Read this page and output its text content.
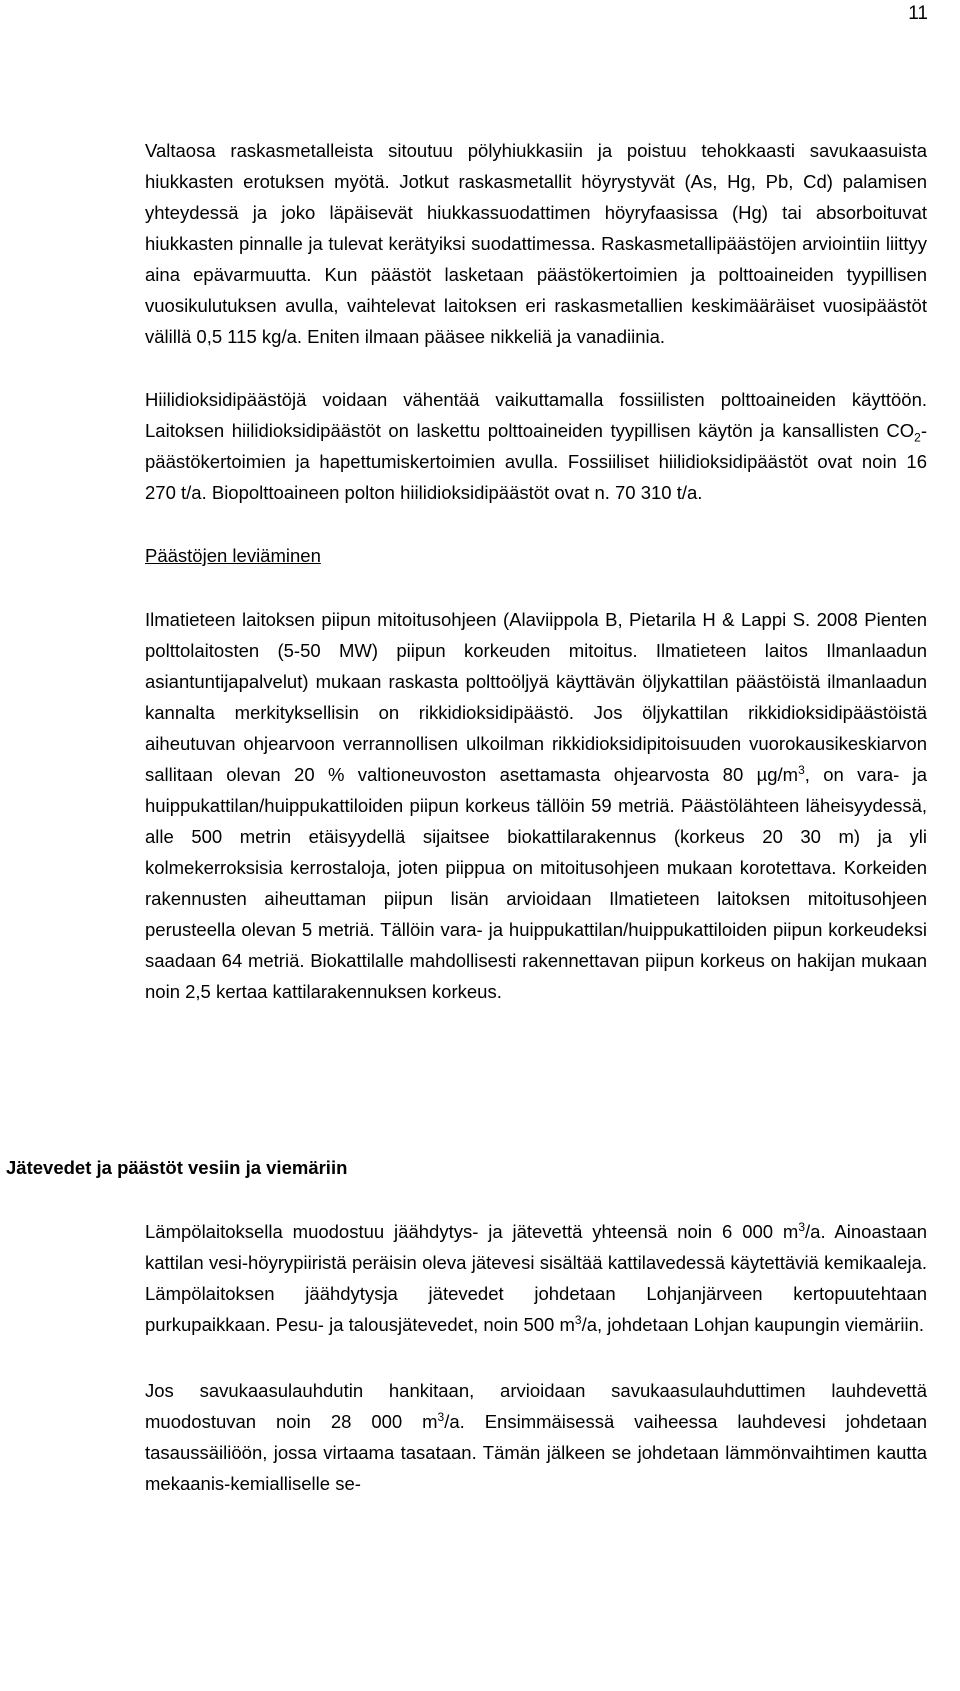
11

Valtaosa raskasmetalleista sitoutuu pölyhiukkasiin ja poistuu tehokkaasti savukaasuista hiukkasten erotuksen myötä. Jotkut raskasmetallit höyrystyvät (As, Hg, Pb, Cd) palamisen yhteydessä ja joko läpäisevät hiukkassuodattimen höyryfaasissa (Hg) tai absorboituvat hiukkasten pinnalle ja tulevat kerätyiksi suodattimessa. Raskasmetallipäästöjen arviointiin liittyy aina epävarmuutta. Kun päästöt lasketaan päästökertoimien ja polttoaineiden tyypillisen vuosikulutuksen avulla, vaihtelevat laitoksen eri raskasmetallien keskimääräiset vuosipäästöt välillä 0,5 115 kg/a. Eniten ilmaan pääsee nikkeliä ja vanadiinia.

Hiilidioksidipäästöjä voidaan vähentää vaikuttamalla fossiilisten polttoaineiden käyttöön. Laitoksen hiilidioksidipäästöt on laskettu polttoaineiden tyypillisen käytön ja kansallisten $CO_2$-päästökertoimien ja hapettumiskertoimien avulla. Fossiiliset hiilidioksidipäästöt ovat noin 16 270 t/a. Biopolttoaineen polton hiilidioksidipäästöt ovat n. 70 310 t/a.

Päästöjen leviäminen

Ilmatieteen laitoksen piipun mitoitusohjeen (Alaviippola B, Pietarila H & Lappi S. 2008 Pienten polttolaitosten (5-50 MW) piipun korkeuden mitoitus. Ilmatieteen laitos Ilmanlaadun asiantuntijapalvelut) mukaan raskasta polttoöljyä käyttävän öljykattilan päästöistä ilmanlaadun kannalta merkityksellisin on rikkidioksidipäästö. Jos öljykattilan rikkidioksidipäästöistä aiheutuvan ohjearvoon verrannollisen ulkoilman rikkidioksidipitoisuuden vuorokausikeskiarvon sallitaan olevan 20 % valtioneuvoston asettamasta ohjearvosta 80 $\mu g/m^3$, on vara- ja huippukattilan/huippukattiloiden piipun korkeus tällöin 59 metriä. Päästölähteen läheisyydessä, alle 500 metrin etäisyydellä sijaitsee biokattilarakennus (korkeus 20 30 m) ja yli kolmekerroksisia kerrostaloja, joten piippua on mitoitusohjeen mukaan korotettava. Korkeiden rakennusten aiheuttaman piipun lisän arvioidaan Ilmatieteen laitoksen mitoitusohjeen perusteella olevan 5 metriä. Tällöin vara- ja huippukattilan/huippukattiloiden piipun korkeudeksi saadaan 64 metriä. Biokattilalle mahdollisesti rakennettavan piipun korkeus on hakijan mukaan noin 2,5 kertaa kattilarakennuksen korkeus.

Jätevedet ja päästöt vesiin ja viemäriin

Lämpölaitoksella muodostuu jäähdytys- ja jätevettä yhteensä noin 6 000 $m^3/a$. Ainoastaan kattilan vesi-höyrypiiristä peräisin oleva jätevesi sisältää kattilavedessä käytettäviä kemikaaleja. Lämpölaitoksen jäähdytysja jätevedet johdetaan Lohjanjärveen kertopuutehtaan purkupaikkaan. Pesu- ja talousjätevedet, noin 500 $m^3/a$, johdetaan Lohjan kaupungin viemäriin.

Jos savukaasulauhdutin hankitaan, arvioidaan savukaasulauhduttimen lauhdevettä muodostuvan noin 28 000 $m^3/a$. Ensimmäisessä vaiheessa lauhdevesi johdetaan tasaussäiliöön, jossa virtaama tasataan. Tämän jälkeen se johdetaan lämmönvaihtimen kautta mekaanis-kemialliselle se-
